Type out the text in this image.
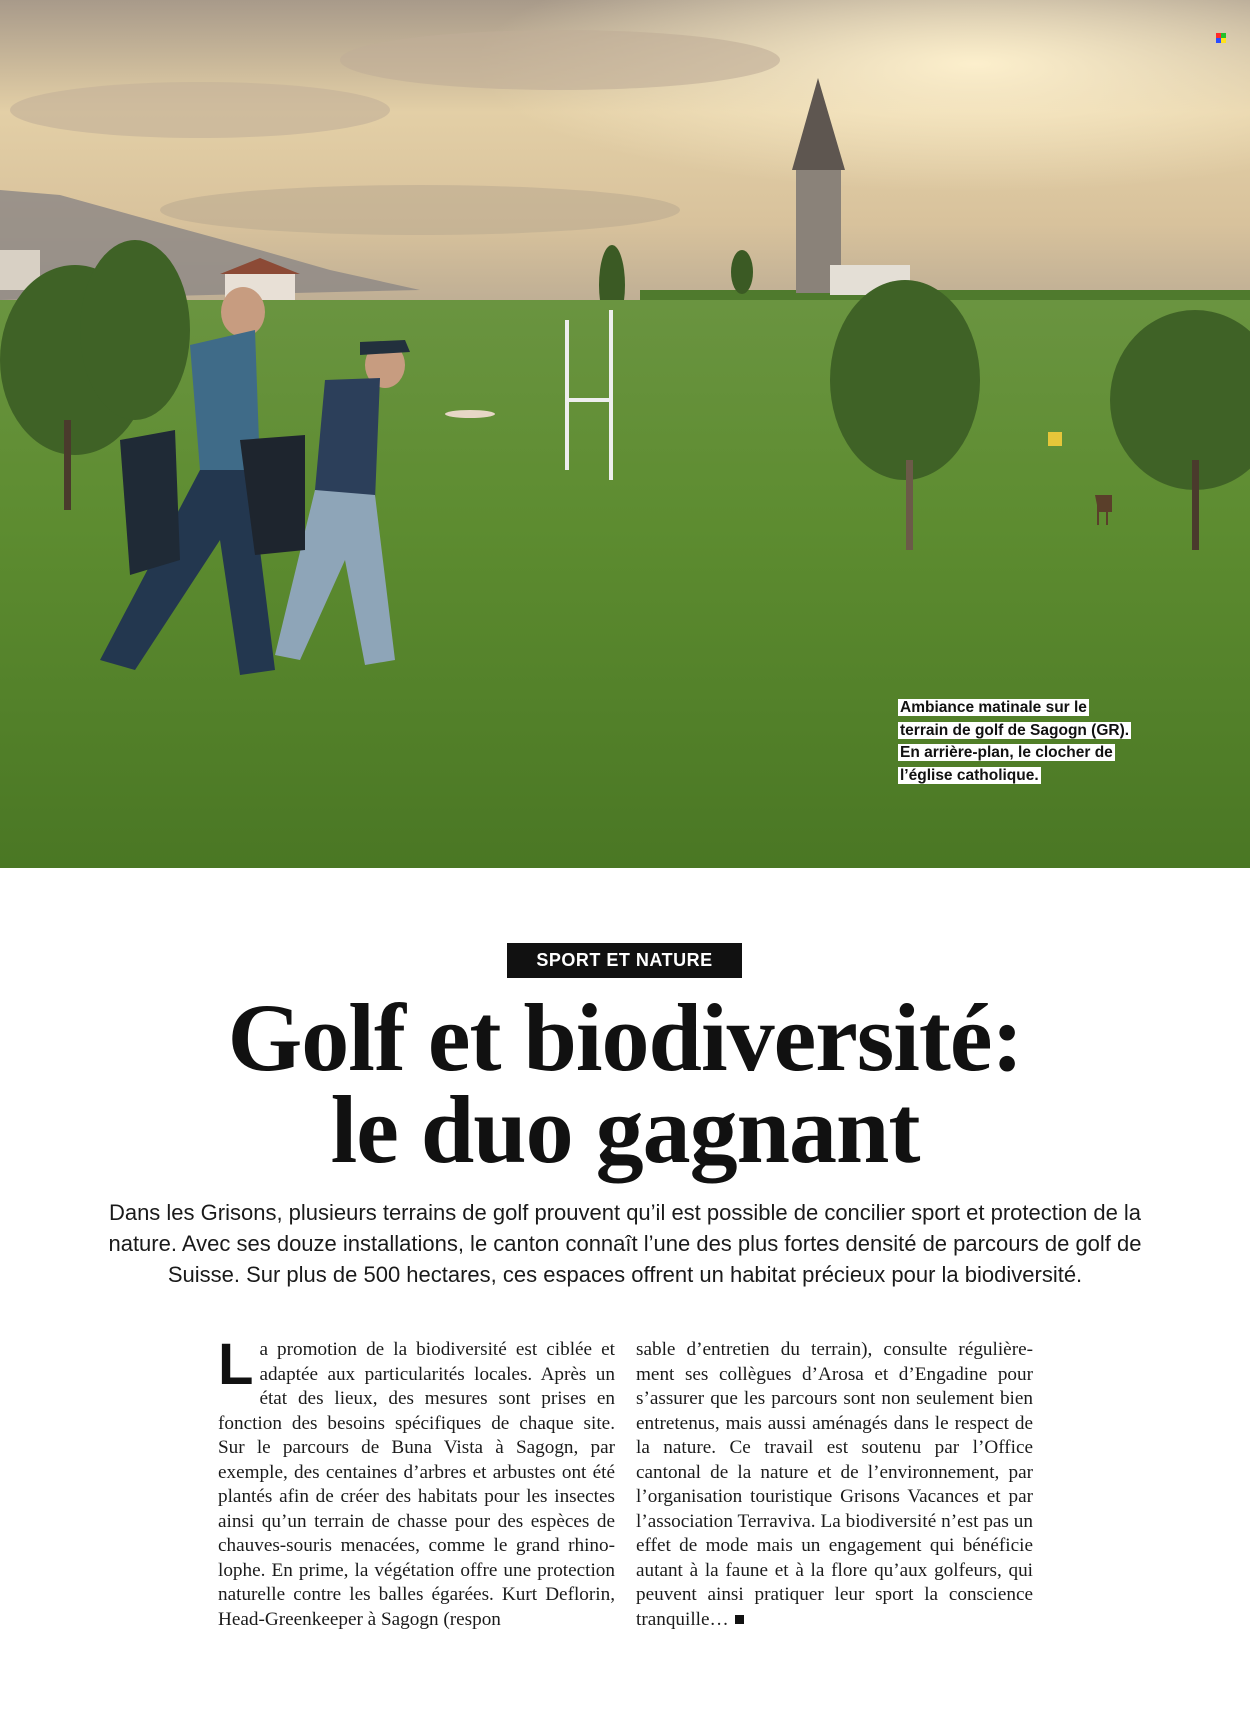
Ambiance matinale sur le terrain de golf de Sagogn (GR). En arrière-plan, le clocher de l’église catholique.
SPORT ET NATURE
Golf et biodiversité:
le duo gagnant

Dans les Grisons, plusieurs terrains de golf prouvent qu’il est possible de concilier sport et protection de la nature. Avec ses douze installations, le canton connaît l’une des plus fortes densité de parcours de golf de Suisse. Sur plus de 500 hectares, ces espaces offrent un habitat précieux pour la biodiversité.

La promotion de la biodiversité est ciblée et adaptée aux particularités locales. Après un état des lieux, des mesures sont prises en fonction des besoins spécifiques de chaque site. Sur le parcours de Buna Vista à Sagogn, par exemple, des centaines d’arbres et arbustes ont été plantés afin de créer des habitats pour les insectes ainsi qu’un terrain de chasse pour des espèces de chauves-souris menacées, comme le grand rhinolophe. En prime, la végétation offre une protection naturelle contre les balles égarées. Kurt Deflorin, Head-Greenkeeper à Sagogn (respon

sable d’entretien du terrain), consulte régulièrement ses collègues d’Arosa et d’Engadine pour s’assurer que les parcours sont non seulement bien entretenus, mais aussi aménagés dans le respect de la nature. Ce travail est soutenu par l’Office cantonal de la nature et de l’environnement, par l’organisation touristique Grisons Vacances et par l’association Terraviva. La biodiversité n’est pas un effet de mode mais un engagement qui bénéficie autant à la faune et à la flore qu’aux golfeurs, qui peuvent ainsi pratiquer leur sport la conscience tranquille…
